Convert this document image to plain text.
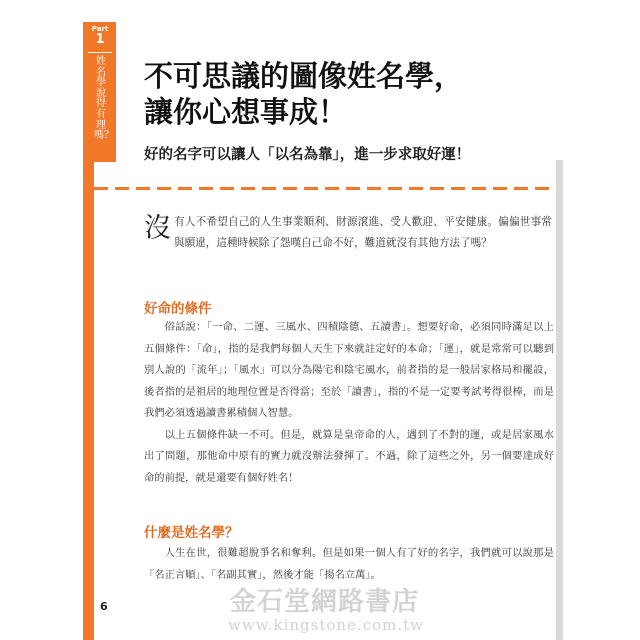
Part
1
姓名學說得有理嗎？
不可思議的圖像姓名學，
讓你心想事成！
好的名字可以讓人「以名為靠」，進一步求取好運！
沒有人不希望自己的人生事業順利、財源滾進、受人歡迎、平安健康。偏偏世事常與願違，這種時候除了怨嘆自己命不好，難道就沒有其他方法了嗎？
好命的條件

俗話說：「一命、二運、三風水、四積陰德、五讀書」。想要好命，必須同時滿足以上五個條件：「命」，指的是我們每個人天生下來就註定好的本命；「運」，就是常常可以聽到別人說的「流年」；「風水」可以分為陽宅和陰宅風水，前者指的是一般居家格局和擺設，後者指的是祖居的地理位置是否得當；至於「讀書」，指的不是一定要考試考得很棒，而是我們必須透過讀書累積個人智慧。

以上五個條件缺一不可。但是，就算是皇帝命的人，遇到了不對的運，或是居家風水出了問題，那他命中原有的實力就沒辦法發揮了。不過，除了這些之外，另一個要達成好命的前提，就是還要有個好姓名！

什麼是姓名學？

人生在世，很難超脫爭名和奪利。但是如果一個人有了好的名字，我們就可以說那是「名正言順」、「名副其實」，然後才能「揚名立萬」。

6	金石堂網路書店
www.kingstone.com.tw
